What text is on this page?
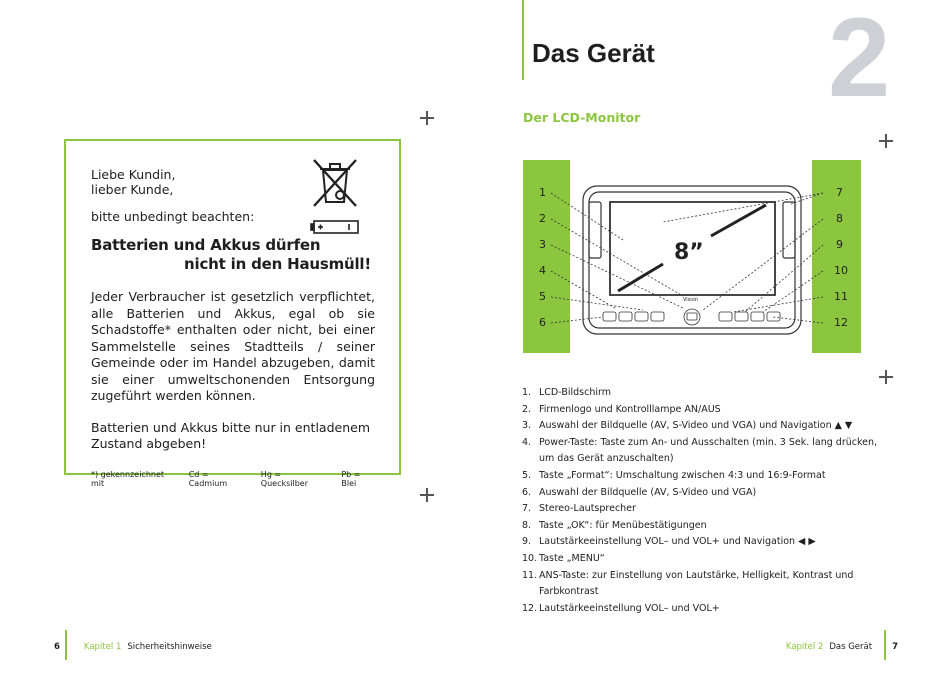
Liebe Kundin,
lieber Kunde,
bitte unbedingt beachten:
Batterien und Akkus dürfen
nicht in den Hausmüll!

Jeder Verbraucher ist gesetzlich verpflichtet, alle Batterien und Akkus, egal ob sie Schadstoffe* enthalten oder nicht, bei einer Sammelstelle seines Stadtteils / seiner Gemeinde oder im Handel abzugeben, damit sie einer umweltschonenden Entsorgung zugeführt werden können.

Batterien und Akkus bitte nur in entladenem Zustand abgeben!

*) gekennzeichnet mit
Cd = Cadmium
Hg = Quecksilber
Pb = Blei
6	Kapitel 1 Sicherheitshinweise
Das Gerät 2
Der LCD-Monitor
8”
Vision
1
2
3
4
5
6
7
8
9
10
11
12
1. LCD-Bildschirm
2. Firmenlogo und Kontrolllampe AN/AUS
3. Auswahl der Bildquelle (AV, S-Video und VGA) und Navigation ▲ ▼
4. Power-Taste: Taste zum An- und Ausschalten (min. 3 Sek. lang drücken, um das Gerät anzuschalten)
5. Taste „Format“: Umschaltung zwischen 4:3 und 16:9-Format
6. Auswahl der Bildquelle (AV, S-Video und VGA)
7. Stereo-Lautsprecher
8. Taste „OK“: für Menübestätigungen
9. Lautstärkeeinstellung VOL– und VOL+ und Navigation ◀ ▶
10. Taste „MENU“
11. ANS-Taste: zur Einstellung von Lautstärke, Helligkeit, Kontrast und Farbkontrast
12. Lautstärkeeinstellung VOL– und VOL+
Kapitel 2 Das Gerät 7
